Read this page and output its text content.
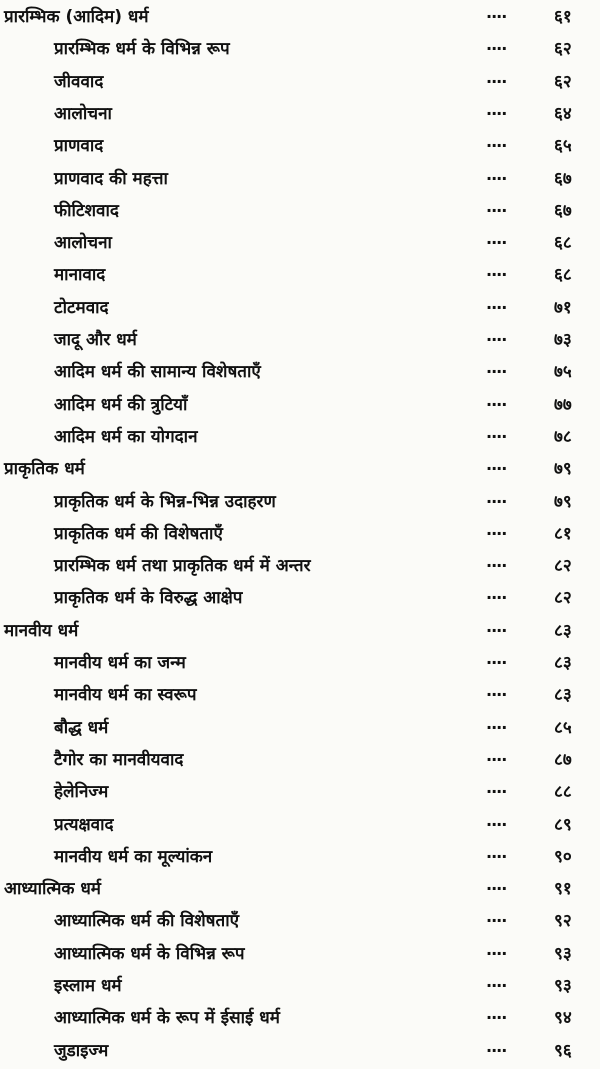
प्रारम्भिक (आदिम) धर्म	....	६१
प्रारम्भिक धर्म के विभिन्न रूप	....	६२
जीववाद	....	६२
आलोचना	....	६४
प्राणवाद	....	६५
प्राणवाद की महत्ता	....	६७
फीटिशवाद	....	६७
आलोचना	....	६८
मानावाद	....	६८
टोटमवाद	....	७१
जादू और धर्म	....	७३
आदिम धर्म की सामान्य विशेषताएँ	....	७५
आदिम धर्म की त्रुटियाँ	....	७७
आदिम धर्म का योगदान	....	७८
प्राकृतिक धर्म	....	७९
प्राकृतिक धर्म के भिन्न-भिन्न उदाहरण	....	७९
प्राकृतिक धर्म की विशेषताएँ	....	८१
प्रारम्भिक धर्म तथा प्राकृतिक धर्म में अन्तर	....	८२
प्राकृतिक धर्म के विरुद्ध आक्षेप	....	८२
मानवीय धर्म	....	८३
मानवीय धर्म का जन्म	....	८३
मानवीय धर्म का स्वरूप	....	८३
बौद्ध धर्म	....	८५
टैगोर का मानवीयवाद	....	८७
हेलेनिज्म	....	८८
प्रत्यक्षवाद	....	८९
मानवीय धर्म का मूल्यांकन	....	९०
आध्यात्मिक धर्म	....	९१
आध्यात्मिक धर्म की विशेषताएँ	....	९२
आध्यात्मिक धर्म के विभिन्न रूप	....	९३
इस्लाम धर्म	....	९३
आध्यात्मिक धर्म के रूप में ईसाई धर्म	....	९४
जुडाइज्म	....	९६
